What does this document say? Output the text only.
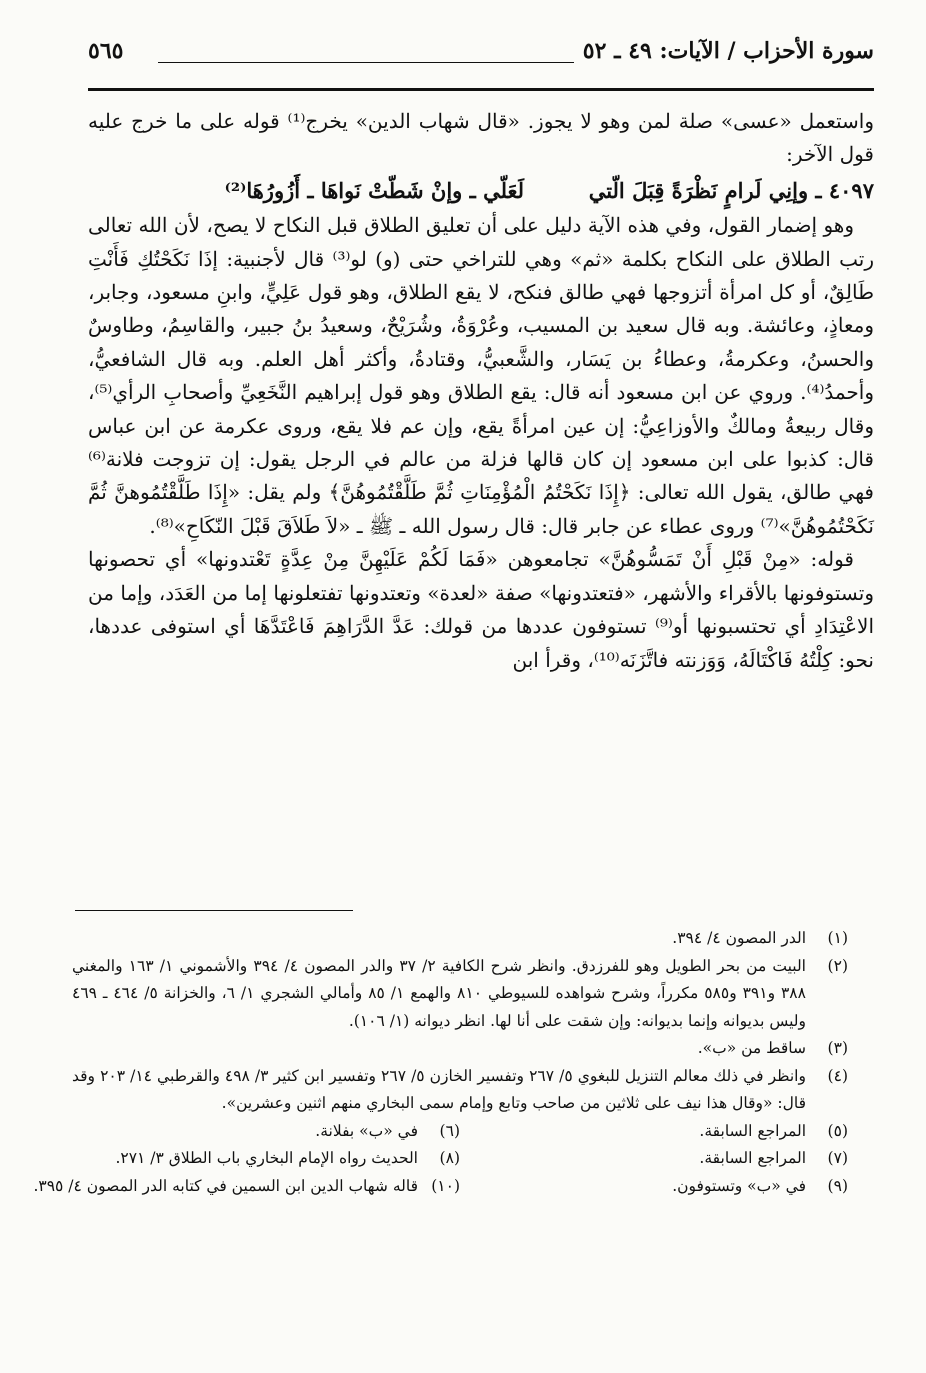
سورة الأحزاب / الآيات: ٤٩ ـ ٥٢
٥٦٥

واستعمل «عسى» صلة لمن وهو لا يجوز. «قال شهاب الدين» يخرج⁽¹⁾ قوله على ما خرج عليه قول الآخر:

٤٠٩٧ ـ وإنِي لَرامٍ نَظْرَةً قِبَلَ الّتي  لَعَلّي ـ وإنْ شَطّتْ نَواهَا ـ أَزُورُهَا⁽²⁾

وهو إضمار القول، وفي هذه الآية دليل على أن تعليق الطلاق قبل النكاح لا يصح، لأن الله تعالى رتب الطلاق على النكاح بكلمة «ثم» وهي للتراخي حتى (و) لو⁽³⁾ قال لأجنبية: إذَا نَكَحْتُكِ فَأَنْتِ طَالِقٌ، أو كل امرأة أتزوجها فهي طالق فنكح، لا يقع الطلاق، وهو قول عَلِيٍّ، وابنِ مسعود، وجابر، ومعاذٍ، وعائشة. وبه قال سعيد بن المسيب، وعُرْوَةُ، وشُرَيْحٌ، وسعيدُ بنُ جبير، والقاسِمُ، وطاوسٌ والحسنُ، وعكرمةُ، وعطاءُ بن يَسَار، والشَّعبيُّ، وقتادةُ، وأكثر أهل العلم. وبه قال الشافعيُّ، وأحمدُ⁽⁴⁾. وروي عن ابن مسعود أنه قال: يقع الطلاق وهو قول إبراهيم النَّخَعِيِّ وأصحابِ الرأي⁽⁵⁾، وقال ربيعةُ ومالكٌ والأوزاعِيُّ: إن عين امرأةً يقع، وإن عم فلا يقع، وروى عكرمة عن ابن عباس قال: كذبوا على ابن مسعود إن كان قالها فزلة من عالم في الرجل يقول: إن تزوجت فلانة⁽⁶⁾ فهي طالق، يقول الله تعالى: ﴿إِذَا نَكَحْتُمُ الْمُؤْمِنَاتِ ثُمَّ طَلَّقْتُمُوهُنَّ﴾ ولم يقل: «إِذَا طَلَّقْتُمُوهنَّ ثُمَّ نَكَحْتُمُوهُنَّ»⁽⁷⁾ وروى عطاء عن جابر قال: قال رسول الله ـ ﷺ ـ «لاَ طَلاَقَ قَبْلَ النّكَاحِ»⁽⁸⁾.

قوله: «مِنْ قَبْلِ أَنْ تَمَسُّوهُنَّ» تجامعوهن «فَمَا لَكُمْ عَلَيْهِنَّ مِنْ عِدَّةٍ تَعْتدونها» أي تحصونها وتستوفونها بالأقراء والأشهر، «فتعتدونها» صفة «لعدة» وتعتدونها تفتعلونها إما من العَدَد، وإما من الاعْتِدَادِ أي تحتسبونها أو⁽⁹⁾ تستوفون عددها من قولك: عَدَّ الدَّرَاهِمَ فَاعْتَدَّهَا أي استوفى عددها، نحو: كِلْتُهُ فَاكْتَالَهُ، وَوَزنته فاتَّزَنَه⁽¹⁰⁾، وقرأ ابن

(١)
الدر المصون ٤/ ٣٩٤.

(٢)
البيت من بحر الطويل وهو للفرزدق. وانظر شرح الكافية ٢/ ٣٧ والدر المصون ٤/ ٣٩٤ والأشموني ١/ ١٦٣ والمغني ٣٨٨ و٣٩١ و٥٨٥ مكرراً، وشرح شواهده للسيوطي ٨١٠ والهمع ١/ ٨٥ وأمالي الشجري ١/ ٦، والخزانة ٥/ ٤٦٤ ـ ٤٦٩ وليس بديوانه وإنما بديوانه: وإن شقت على أنا لها. انظر ديوانه (١/ ١٠٦).

(٣)
ساقط من «ب».

(٤)
وانظر في ذلك معالم التنزيل للبغوي ٥/ ٢٦٧ وتفسير الخازن ٥/ ٢٦٧ وتفسير ابن كثير ٣/ ٤٩٨ والقرطبي ١٤/ ٢٠٣ وقد قال: «وقال هذا نيف على ثلاثين من صاحب وتابع وإمام سمى البخاري منهم اثنين وعشرين».

(٥)
المراجع السابقة.
(٦)
في «ب» بفلانة.
(٧)
المراجع السابقة.
(٨)
الحديث رواه الإمام البخاري باب الطلاق ٣/ ٢٧١.
(٩)
في «ب» وتستوفون.
(١٠)
قاله شهاب الدين ابن السمين في كتابه الدر المصون ٤/ ٣٩٥.
